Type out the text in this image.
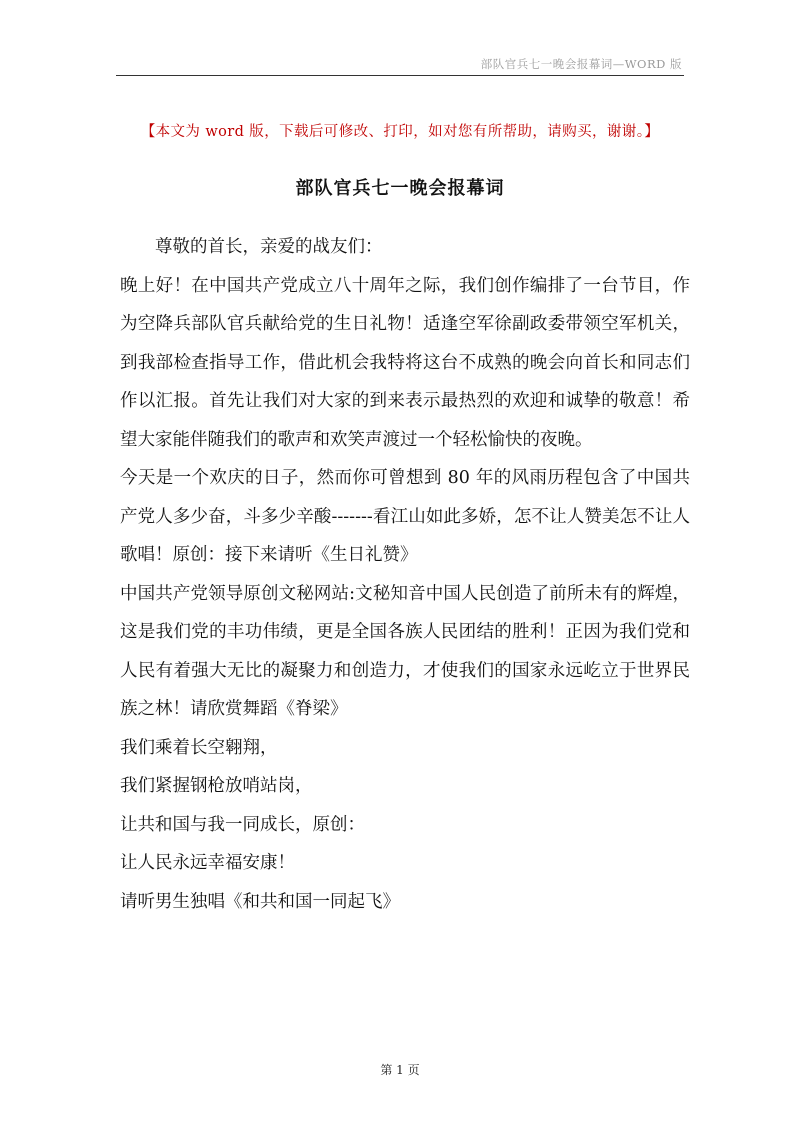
部队官兵七一晚会报幕词—WORD 版
【本文为 word 版，下载后可修改、打印，如对您有所帮助，请购买，谢谢。】
部队官兵七一晚会报幕词

尊敬的首长，亲爱的战友们：

晚上好！在中国共产党成立八十周年之际，我们创作编排了一台节目，作为空降兵部队官兵献给党的生日礼物！适逢空军徐副政委带领空军机关，到我部检查指导工作，借此机会我特将这台不成熟的晚会向首长和同志们作以汇报。首先让我们对大家的到来表示最热烈的欢迎和诚挚的敬意！希望大家能伴随我们的歌声和欢笑声渡过一个轻松愉快的夜晚。

今天是一个欢庆的日子，然而你可曾想到 80 年的风雨历程包含了中国共产党人多少奋，斗多少辛酸-------看江山如此多娇，怎不让人赞美怎不让人歌唱！原创：接下来请听《生日礼赞》

中国共产党领导原创文秘网站:文秘知音中国人民创造了前所未有的辉煌，这是我们党的丰功伟绩，更是全国各族人民团结的胜利！正因为我们党和人民有着强大无比的凝聚力和创造力，才使我们的国家永远屹立于世界民族之林！请欣赏舞蹈《脊梁》

我们乘着长空翱翔，

我们紧握钢枪放哨站岗，

让共和国与我一同成长，原创：

让人民永远幸福安康！

请听男生独唱《和共和国一同起飞》

第 1 页
